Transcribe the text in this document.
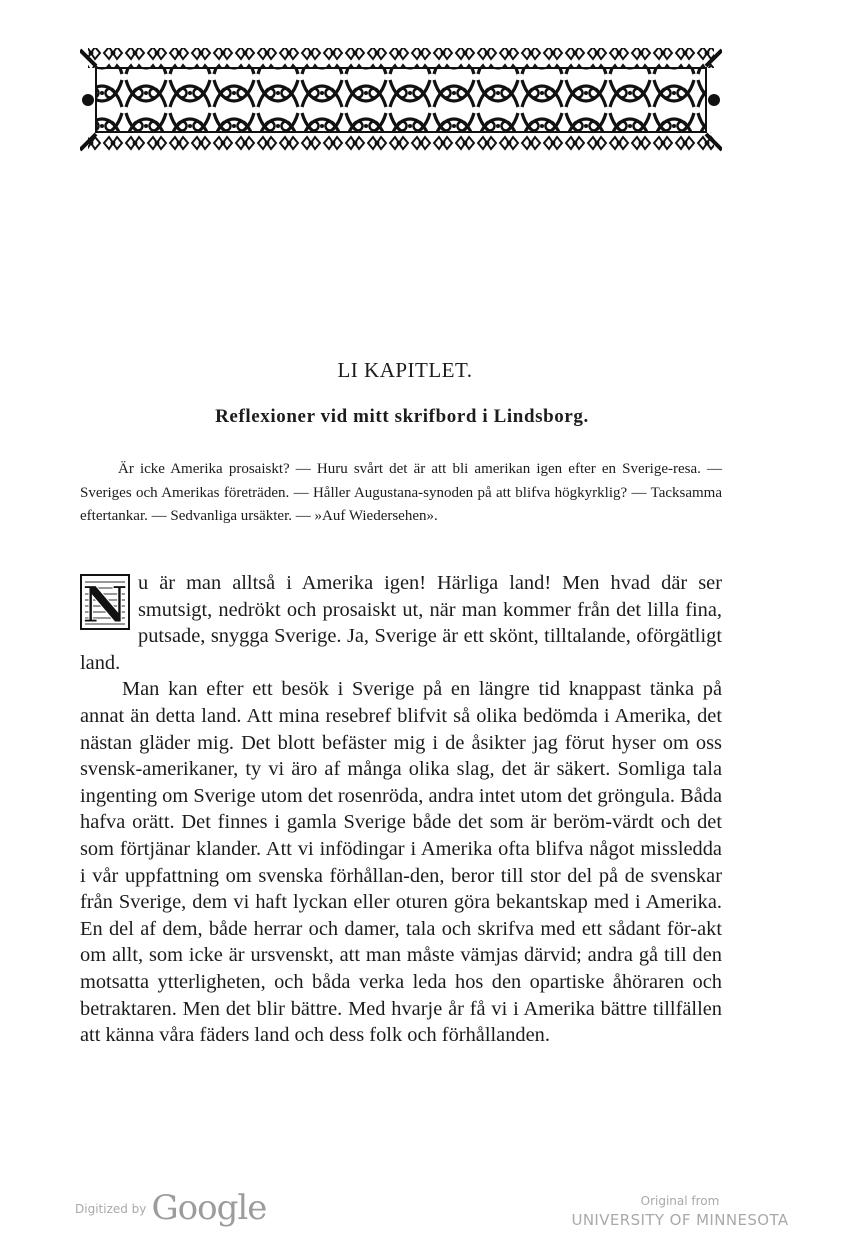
LI KAPITLET.
Reflexioner vid mitt skrifbord i Lindsborg.
Är icke Amerika prosaiskt? — Huru svårt det är att bli amerikan igen efter en Sverige-resa. — Sveriges och Amerikas företräden. — Håller Augustana-synoden på att blifva högkyrklig? — Tacksamma eftertankar. — Sedvanliga ursäkter. — »Auf Wiedersehen».

N u är man alltså i Amerika igen! Härliga land! Men hvad där ser smutsigt, nedrökt och prosaiskt ut, när man kommer från det lilla fina, putsade, snygga Sverige. Ja, Sverige är ett skönt, tilltalande, oförgätligt land.

Man kan efter ett besök i Sverige på en längre tid knappast tänka på annat än detta land. Att mina resebref blifvit så olika bedömda i Amerika, det nästan gläder mig. Det blott befäster mig i de åsikter jag förut hyser om oss svensk-amerikaner, ty vi äro af många olika slag, det är säkert. Somliga tala ingenting om Sverige utom det rosenröda, andra intet utom det gröngula. Båda hafva orätt. Det finnes i gamla Sverige både det som är beröm-värdt och det som förtjänar klander. Att vi infödingar i Amerika ofta blifva något missledda i vår uppfattning om svenska förhållan-den, beror till stor del på de svenskar från Sverige, dem vi haft lyckan eller oturen göra bekantskap med i Amerika. En del af dem, både herrar och damer, tala och skrifva med ett sådant för-akt om allt, som icke är ursvenskt, att man måste vämjas därvid; andra gå till den motsatta ytterligheten, och båda verka leda hos den opartiske åhöraren och betraktaren. Men det blir bättre. Med hvarje år få vi i Amerika bättre tillfällen att känna våra fäders land och dess folk och förhållanden.

$^{Digitized by}$ Google	Original from
UNIVERSITY OF MINNESOTA
